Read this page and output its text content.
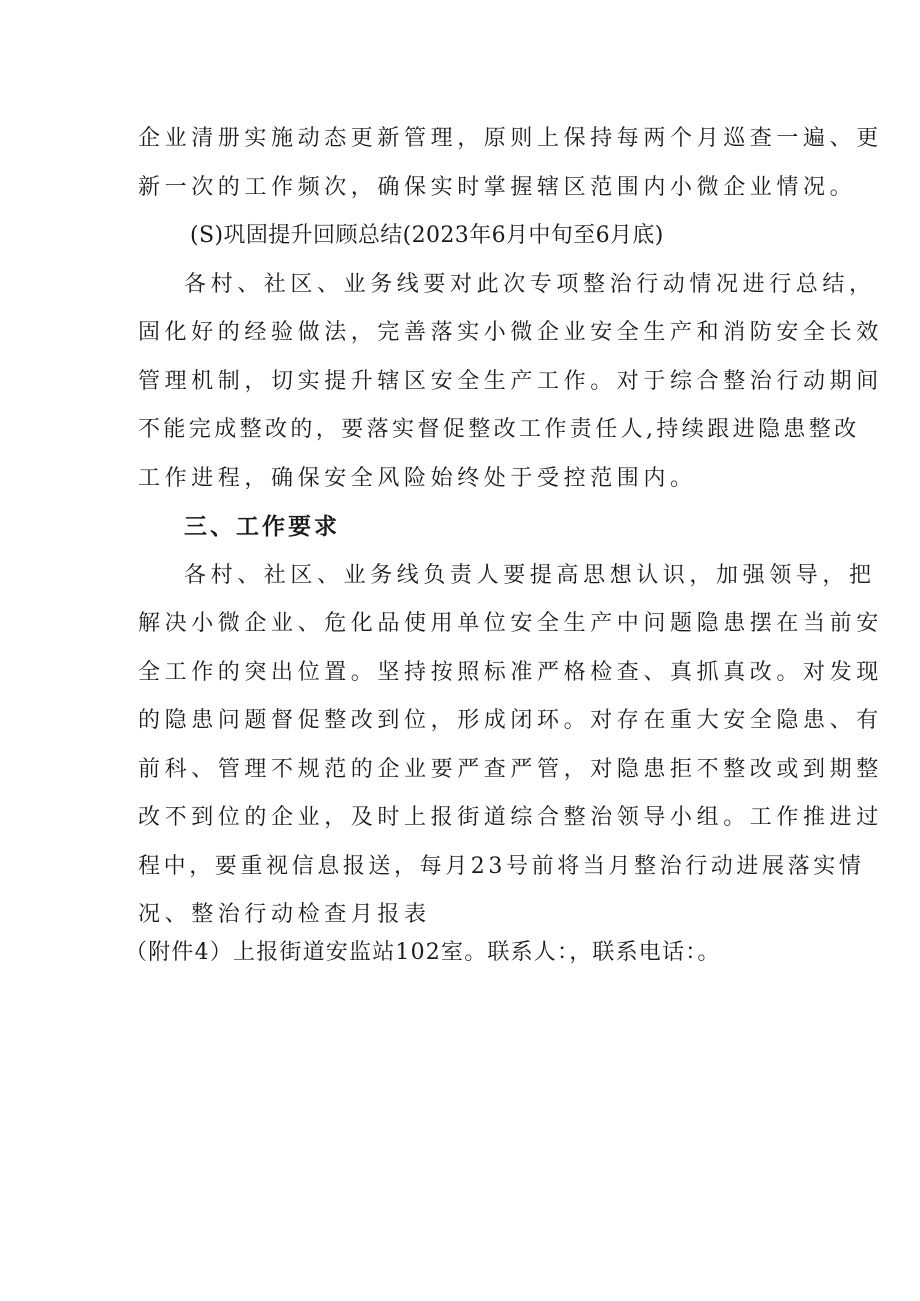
企业清册实施动态更新管理，原则上保持每两个月巡查一遍、更
新一次的工作频次，确保实时掌握辖区范围内小微企业情况。
(S)巩固提升回顾总结(2023年6月中旬至6月底)
各村、社区、业务线要对此次专项整治行动情况进行总结，
固化好的经验做法，完善落实小微企业安全生产和消防安全长效
管理机制，切实提升辖区安全生产工作。对于综合整治行动期间
不能完成整改的，要落实督促整改工作责任人,持续跟进隐患整改
工作进程，确保安全风险始终处于受控范围内。
三、工作要求
各村、社区、业务线负责人要提高思想认识，加强领导，把
解决小微企业、危化品使用单位安全生产中问题隐患摆在当前安
全工作的突出位置。坚持按照标准严格检查、真抓真改。对发现
的隐患问题督促整改到位，形成闭环。对存在重大安全隐患、有
前科、管理不规范的企业要严查严管，对隐患拒不整改或到期整
改不到位的企业，及时上报街道综合整治领导小组。工作推进过
程中，要重视信息报送，每月23号前将当月整治行动进展落实情
况、整治行动检查月报表
（附件4）上报街道安监站102室。联系人：，联系电话：。
